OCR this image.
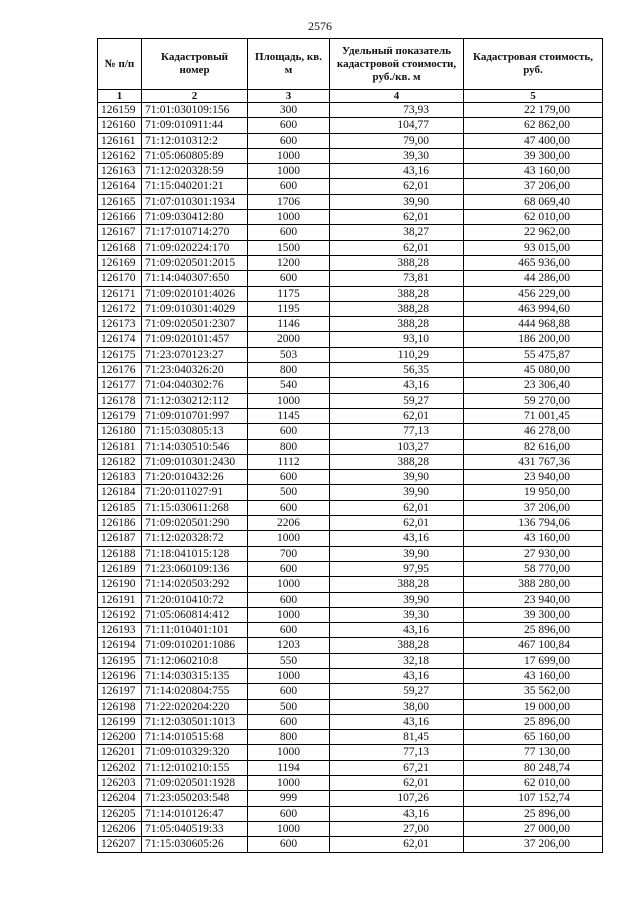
2576
№ п/п	Кадастровый номер	Площадь, кв. м	Удельный показатель кадастровой стоимости, руб./кв. м	Кадастровая стоимость, руб.
1	2	3	4	5
126159	71:01:030109:156	300	73,93	22 179,00
126160	71:09:010911:44	600	104,77	62 862,00
126161	71:12:010312:2	600	79,00	47 400,00
126162	71:05:060805:89	1000	39,30	39 300,00
126163	71:12:020328:59	1000	43,16	43 160,00
126164	71:15:040201:21	600	62,01	37 206,00
126165	71:07:010301:1934	1706	39,90	68 069,40
126166	71:09:030412:80	1000	62,01	62 010,00
126167	71:17:010714:270	600	38,27	22 962,00
126168	71:09:020224:170	1500	62,01	93 015,00
126169	71:09:020501:2015	1200	388,28	465 936,00
126170	71:14:040307:650	600	73,81	44 286,00
126171	71:09:020101:4026	1175	388,28	456 229,00
126172	71:09:010301:4029	1195	388,28	463 994,60
126173	71:09:020501:2307	1146	388,28	444 968,88
126174	71:09:020101:457	2000	93,10	186 200,00
126175	71:23:070123:27	503	110,29	55 475,87
126176	71:23:040326:20	800	56,35	45 080,00
126177	71:04:040302:76	540	43,16	23 306,40
126178	71:12:030212:112	1000	59,27	59 270,00
126179	71:09:010701:997	1145	62,01	71 001,45
126180	71:15:030805:13	600	77,13	46 278,00
126181	71:14:030510:546	800	103,27	82 616,00
126182	71:09:010301:2430	1112	388,28	431 767,36
126183	71:20:010432:26	600	39,90	23 940,00
126184	71:20:011027:91	500	39,90	19 950,00
126185	71:15:030611:268	600	62,01	37 206,00
126186	71:09:020501:290	2206	62,01	136 794,06
126187	71:12:020328:72	1000	43,16	43 160,00
126188	71:18:041015:128	700	39,90	27 930,00
126189	71:23:060109:136	600	97,95	58 770,00
126190	71:14:020503:292	1000	388,28	388 280,00
126191	71:20:010410:72	600	39,90	23 940,00
126192	71:05:060814:412	1000	39,30	39 300,00
126193	71:11:010401:101	600	43,16	25 896,00
126194	71:09:010201:1086	1203	388,28	467 100,84
126195	71:12:060210:8	550	32,18	17 699,00
126196	71:14:030315:135	1000	43,16	43 160,00
126197	71:14:020804:755	600	59,27	35 562,00
126198	71:22:020204:220	500	38,00	19 000,00
126199	71:12:030501:1013	600	43,16	25 896,00
126200	71:14:010515:68	800	81,45	65 160,00
126201	71:09:010329:320	1000	77,13	77 130,00
126202	71:12:010210:155	1194	67,21	80 248,74
126203	71:09:020501:1928	1000	62,01	62 010,00
126204	71:23:050203:548	999	107,26	107 152,74
126205	71:14:010126:47	600	43,16	25 896,00
126206	71:05:040519:33	1000	27,00	27 000,00
126207	71:15:030605:26	600	62,01	37 206,00
